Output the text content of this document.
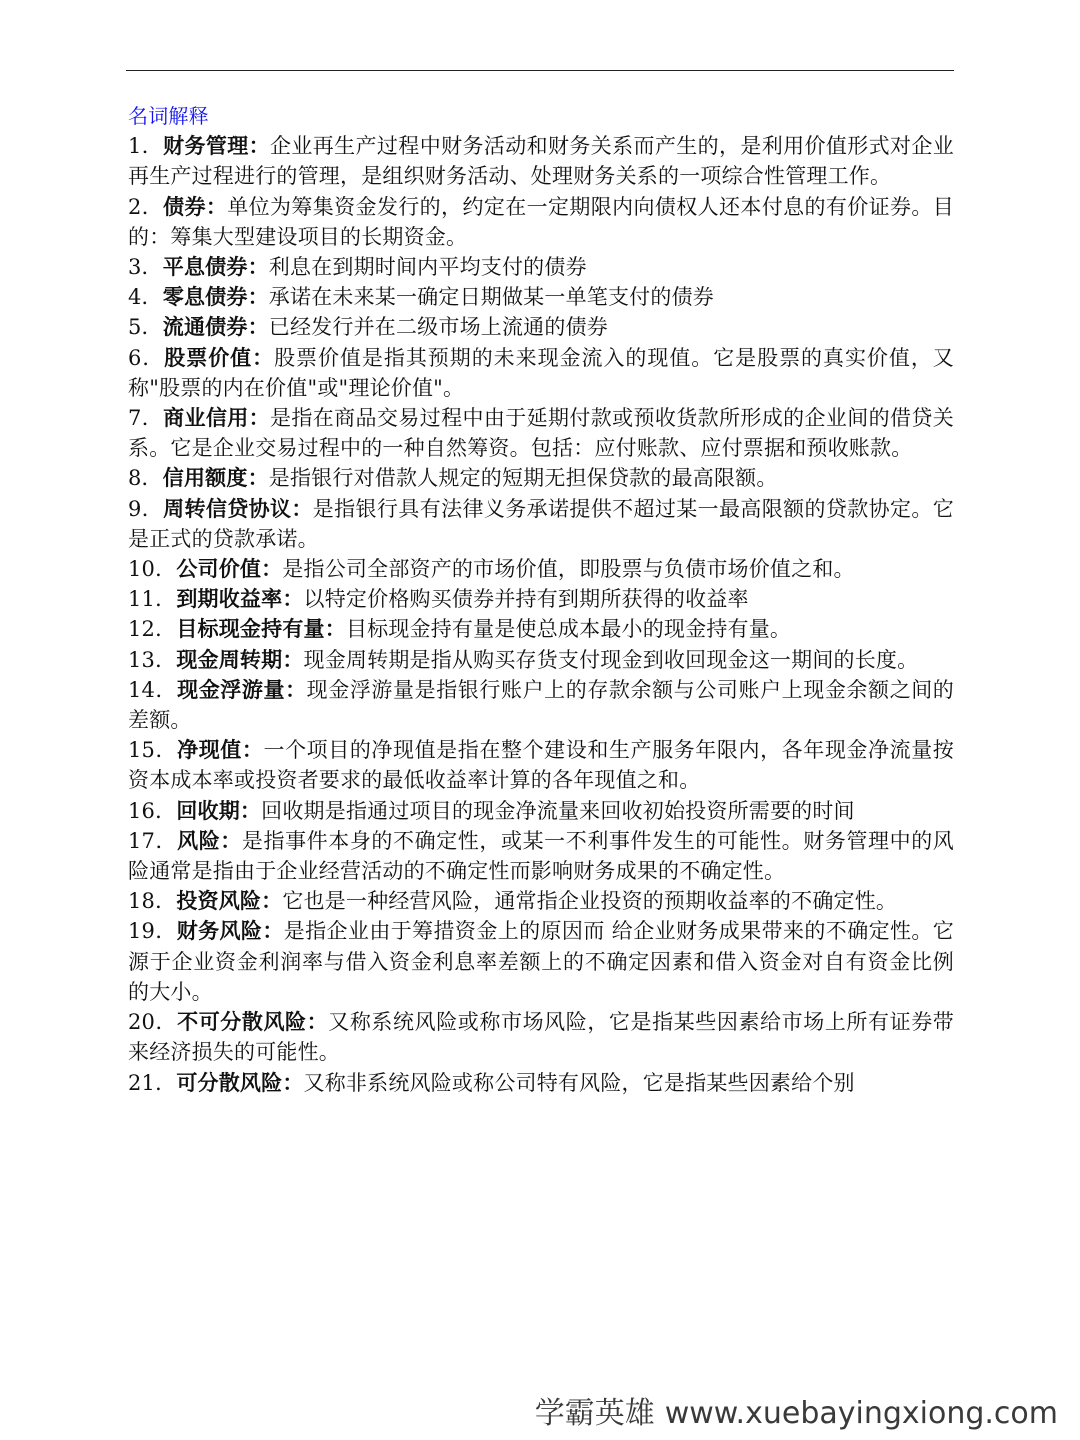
名词解释

1．财务管理：企业再生产过程中财务活动和财务关系而产生的，是利用价值形式对企业再生产过程进行的管理，是组织财务活动、处理财务关系的一项综合性管理工作。

2．债券：单位为筹集资金发行的，约定在一定期限内向债权人还本付息的有价证券。目的：筹集大型建设项目的长期资金。

3．平息债券：利息在到期时间内平均支付的债券

4．零息债券：承诺在未来某一确定日期做某一单笔支付的债券

5．流通债券：已经发行并在二级市场上流通的债券

6．股票价值：股票价值是指其预期的未来现金流入的现值。它是股票的真实价值，又称"股票的内在价值"或"理论价值"。

7．商业信用：是指在商品交易过程中由于延期付款或预收货款所形成的企业间的借贷关系。它是企业交易过程中的一种自然筹资。包括：应付账款、应付票据和预收账款。

8．信用额度：是指银行对借款人规定的短期无担保贷款的最高限额。

9．周转信贷协议：是指银行具有法律义务承诺提供不超过某一最高限额的贷款协定。它是正式的贷款承诺。

10．公司价值：是指公司全部资产的市场价值，即股票与负债市场价值之和。

11．到期收益率：以特定价格购买债券并持有到期所获得的收益率

12．目标现金持有量：目标现金持有量是使总成本最小的现金持有量。

13．现金周转期：现金周转期是指从购买存货支付现金到收回现金这一期间的长度。

14．现金浮游量：现金浮游量是指银行账户上的存款余额与公司账户上现金余额之间的差额。

15．净现值：一个项目的净现值是指在整个建设和生产服务年限内，各年现金净流量按资本成本率或投资者要求的最低收益率计算的各年现值之和。

16．回收期：回收期是指通过项目的现金净流量来回收初始投资所需要的时间

17．风险：是指事件本身的不确定性，或某一不利事件发生的可能性。财务管理中的风险通常是指由于企业经营活动的不确定性而影响财务成果的不确定性。

18．投资风险：它也是一种经营风险，通常指企业投资的预期收益率的不确定性。

19．财务风险：是指企业由于筹措资金上的原因而 给企业财务成果带来的不确定性。它源于企业资金利润率与借入资金利息率差额上的不确定因素和借入资金对自有资金比例的大小。

20．不可分散风险：又称系统风险或称市场风险，它是指某些因素给市场上所有证券带来经济损失的可能性。

21．可分散风险：又称非系统风险或称公司特有风险，它是指某些因素给个别

学霸英雄 www.xuebayingxiong.com
